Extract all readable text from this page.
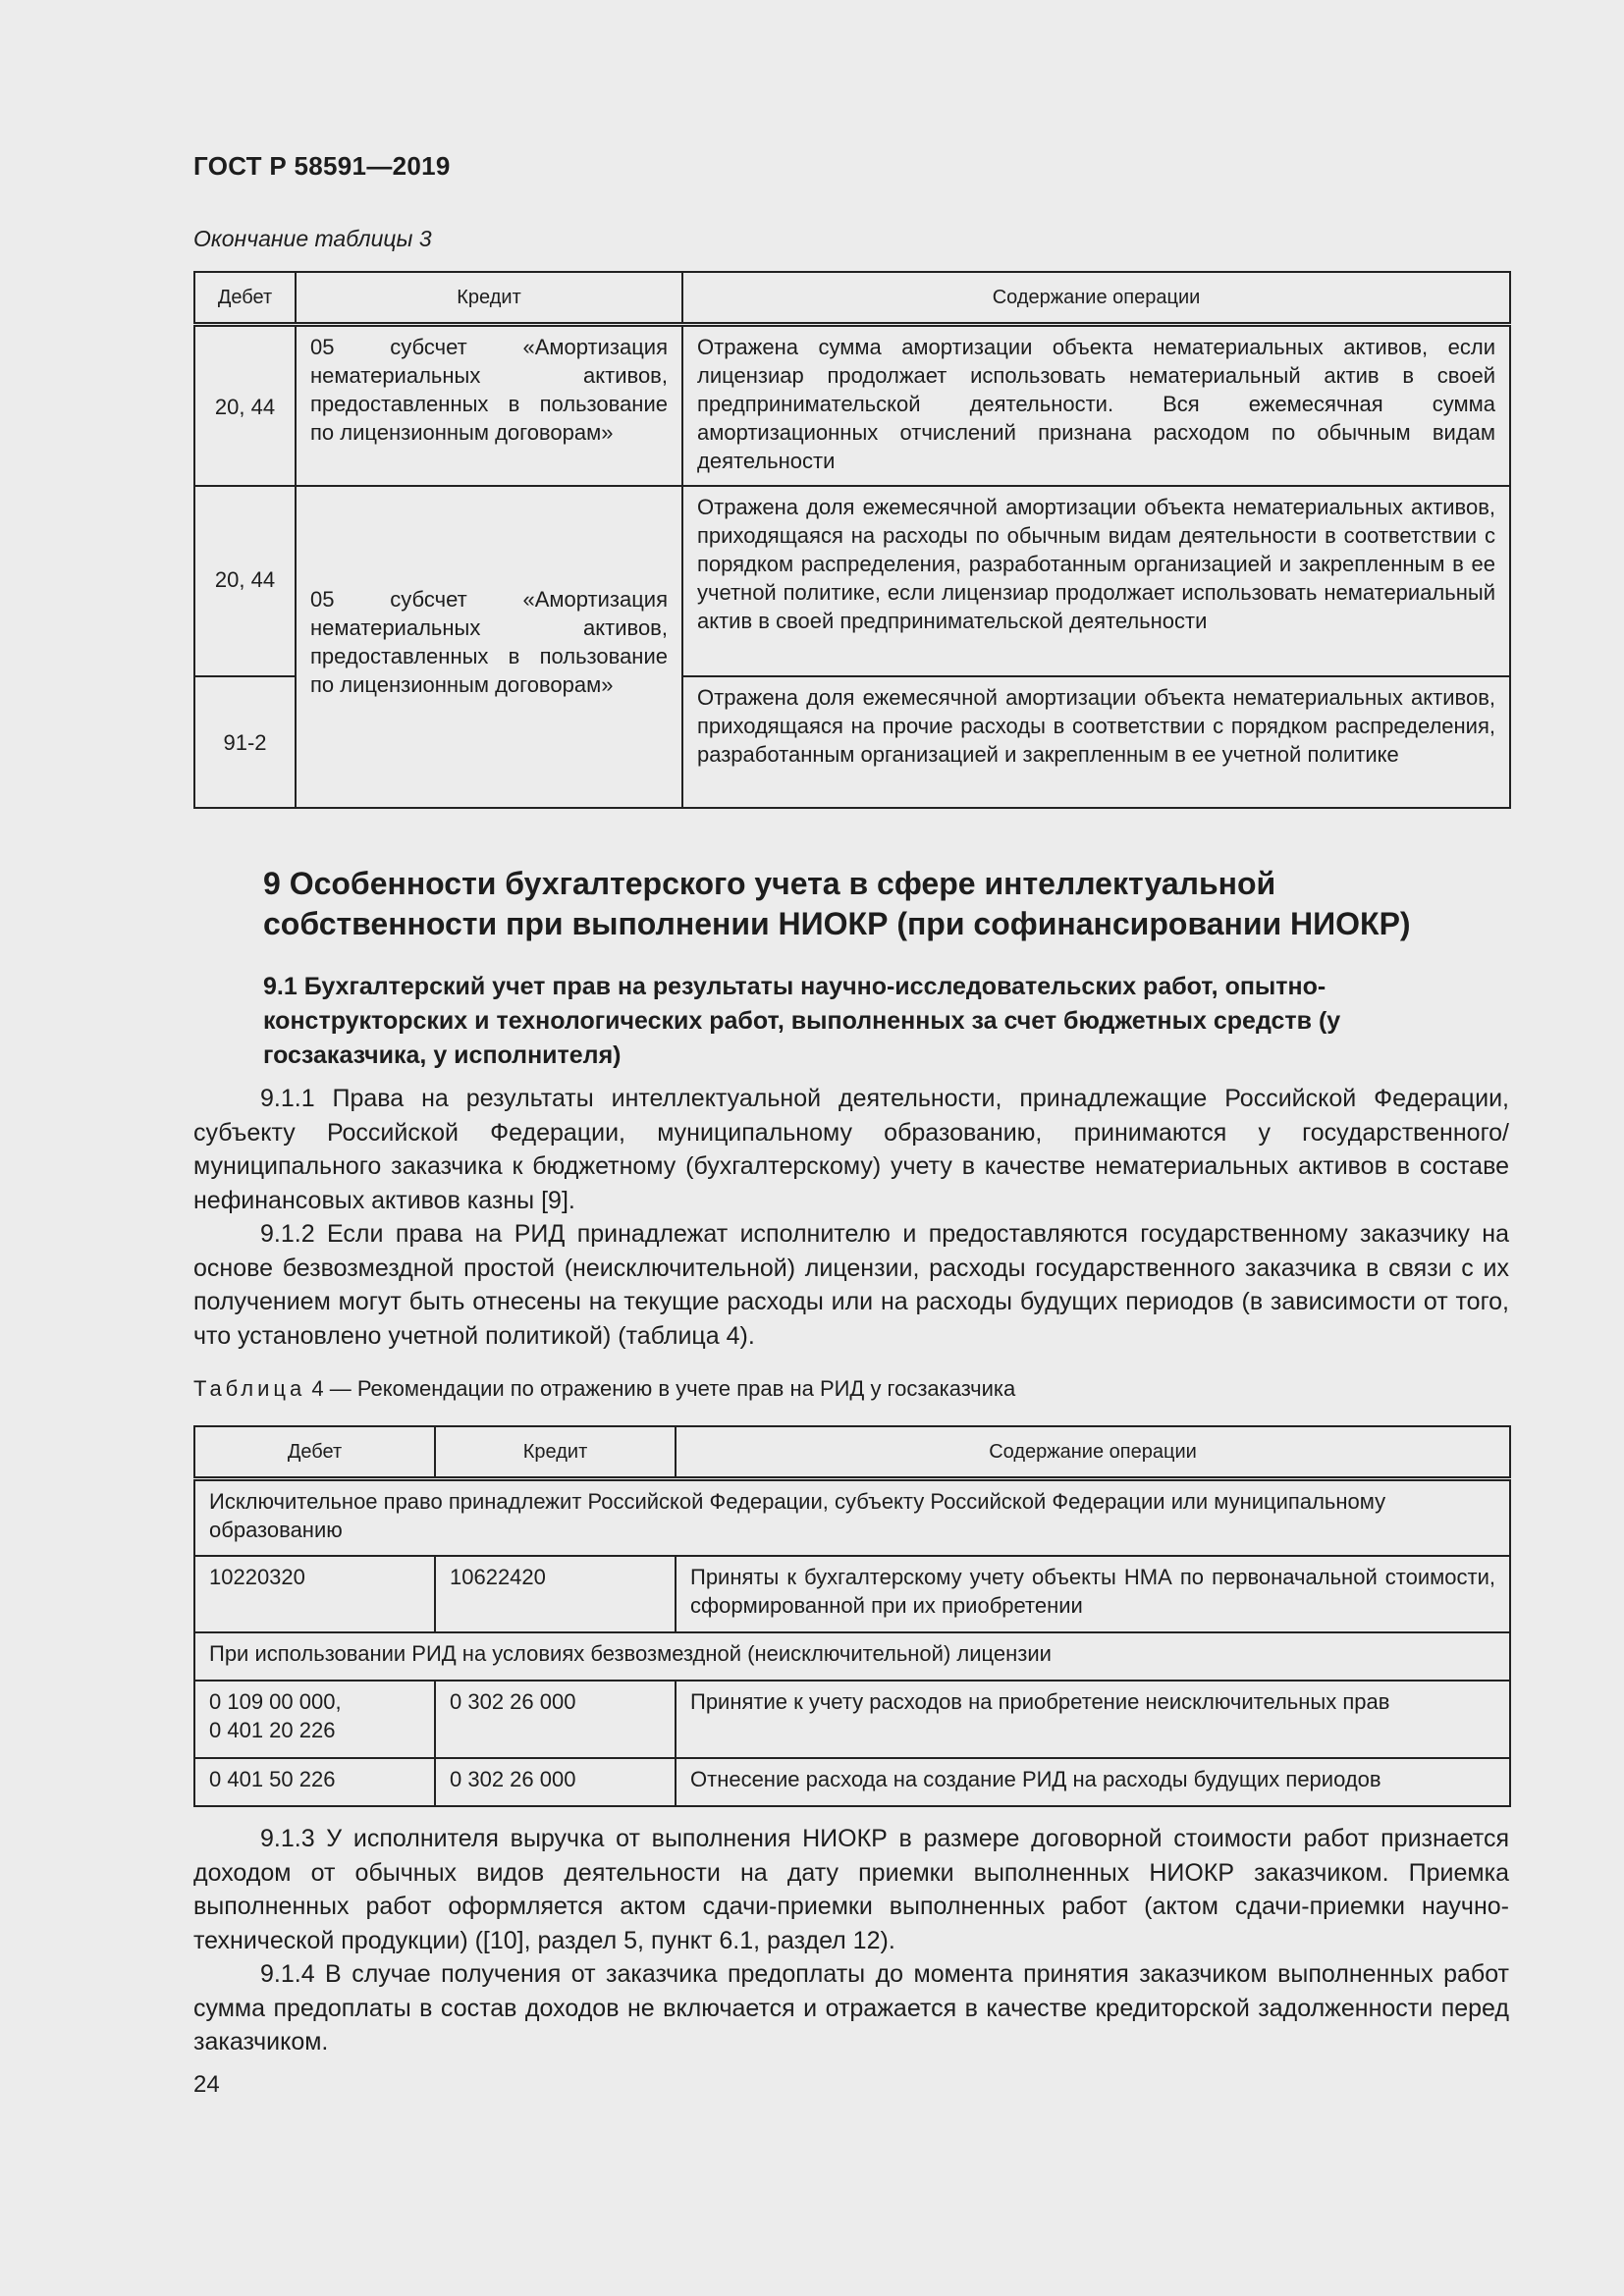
ГОСТ Р 58591—2019
Окончание таблицы 3
Дебет	Кредит	Содержание операции

20, 44	05 субсчет «Амортизация нематериальных активов, предоставленных в пользование по лицензионным договорам»	Отражена сумма амортизации объекта нематериальных активов, если лицензиар продолжает использовать нематериальный актив в своей предпринимательской деятельности. Вся ежемесячная сумма амортизационных отчислений признана расходом по обычным видам деятельности

20, 44	05 субсчет «Амортизация нематериальных активов, предоставленных в пользование по лицензионным договорам»	Отражена доля ежемесячной амортизации объекта нематериальных активов, приходящаяся на расходы по обычным видам деятельности в соответствии с порядком распределения, разработанным организацией и закрепленным в ее учетной политике, если лицензиар продолжает использовать нематериальный актив в своей предпринимательской деятельности

91-2		Отражена доля ежемесячной амортизации объекта нематериальных активов, приходящаяся на прочие расходы в соответствии с порядком распределения, разработанным организацией и закрепленным в ее учетной политике
9 Особенности бухгалтерского учета в сфере интеллектуальной собственности при выполнении НИОКР (при софинансировании НИОКР)
9.1 Бухгалтерский учет прав на результаты научно-исследовательских работ, опытно-конструкторских и технологических работ, выполненных за счет бюджетных средств (у госзаказчика, у исполнителя)

9.1.1 Права на результаты интеллектуальной деятельности, принадлежащие Российской Федерации, субъекту Российской Федерации, муниципальному образованию, принимаются у государственного/муниципального заказчика к бюджетному (бухгалтерскому) учету в качестве нематериальных активов в составе нефинансовых активов казны [9].

9.1.2 Если права на РИД принадлежат исполнителю и предоставляются государственному заказчику на основе безвозмездной простой (неисключительной) лицензии, расходы государственного заказчика в связи с их получением могут быть отнесены на текущие расходы или на расходы будущих периодов (в зависимости от того, что установлено учетной политикой) (таблица 4).

Таблица 4 — Рекомендации по отражению в учете прав на РИД у госзаказчика
Дебет	Кредит	Содержание операции

Исключительное право принадлежит Российской Федерации, субъекту Российской Федерации или муниципальному образованию		

10220320	10622420	Приняты к бухгалтерскому учету объекты НМА по первоначальной стоимости, сформированной при их приобретении

При использовании РИД на условиях безвозмездной (неисключительной) лицензии		

0 109 00 000,
0 401 20 226	0 302 26 000	Принятие к учету расходов на приобретение неисключительных прав

0 401 50 226	0 302 26 000	Отнесение расхода на создание РИД на расходы будущих периодов

9.1.3 У исполнителя выручка от выполнения НИОКР в размере договорной стоимости работ признается доходом от обычных видов деятельности на дату приемки выполненных НИОКР заказчиком. Приемка выполненных работ оформляется актом сдачи-приемки выполненных работ (актом сдачи-приемки научно-технической продукции) ([10], раздел 5, пункт 6.1, раздел 12).

9.1.4 В случае получения от заказчика предоплаты до момента принятия заказчиком выполненных работ сумма предоплаты в состав доходов не включается и отражается в качестве кредиторской задолженности перед заказчиком.

24
